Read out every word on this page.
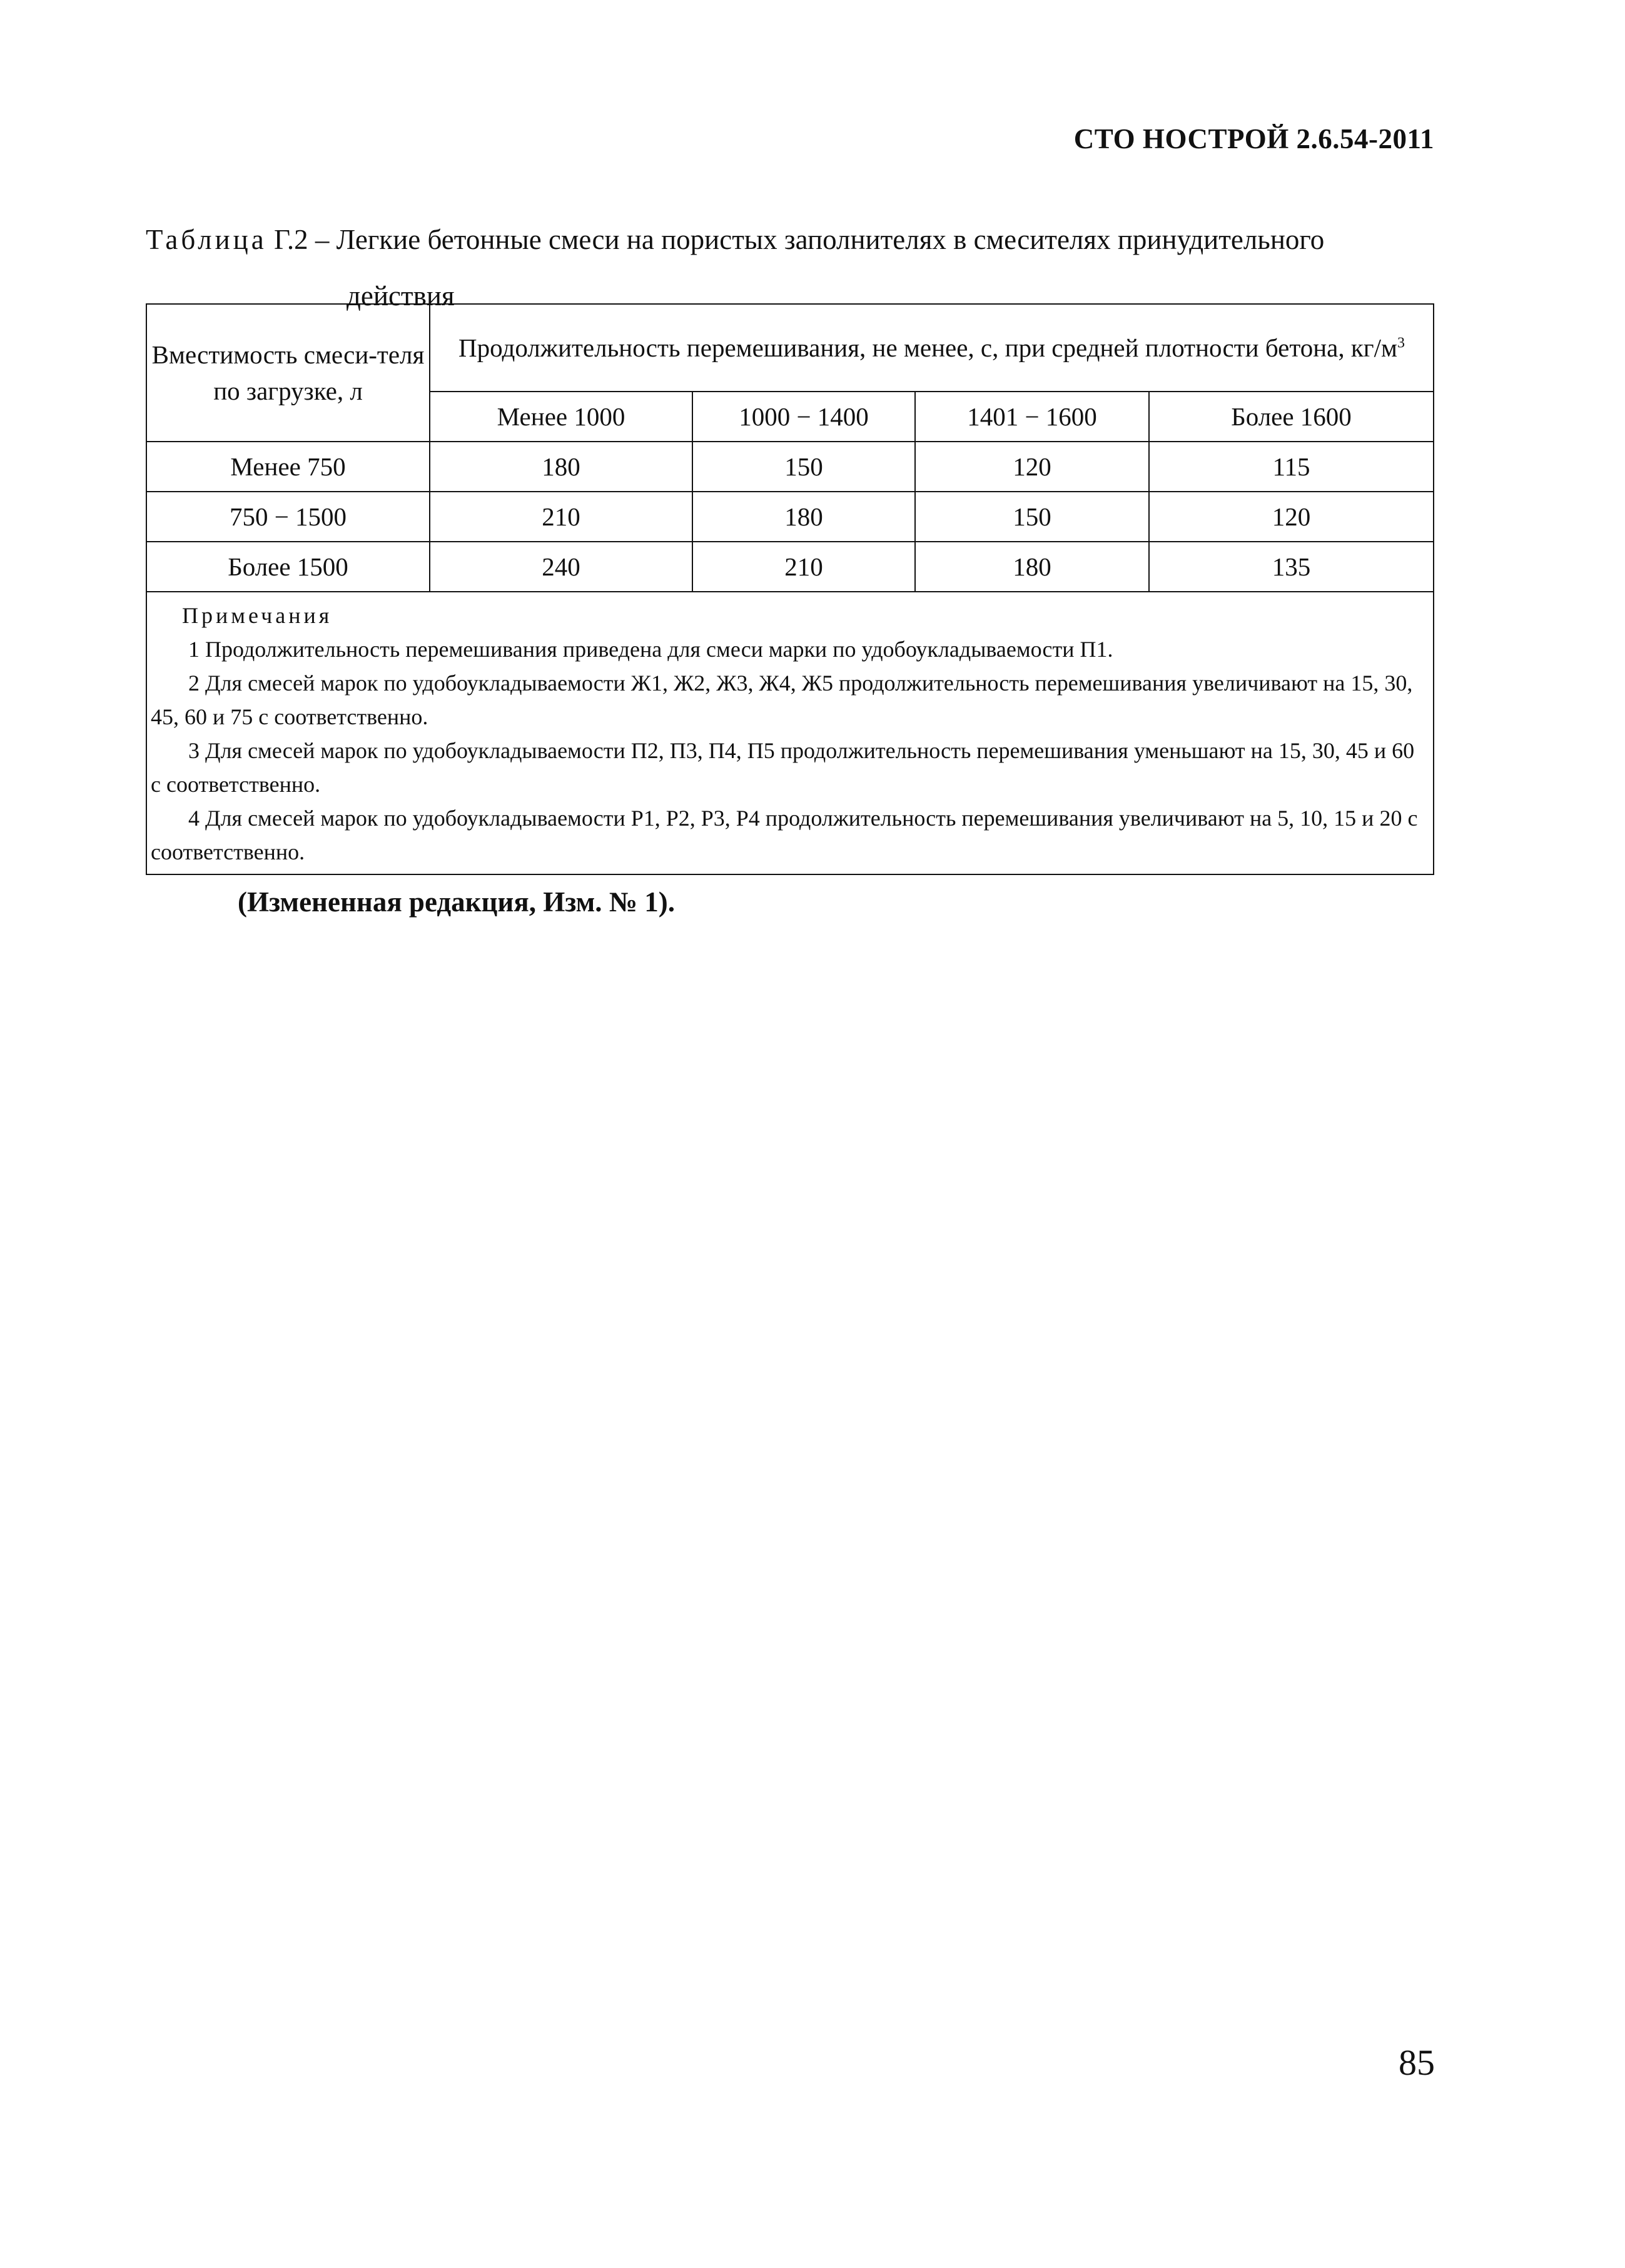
СТО НОСТРОЙ 2.6.54-2011
Таблица Г.2 – Легкие бетонные смеси на пористых заполнителях в смесителях принудительного
действия
Вместимость смеси-теля по загрузке, л	Продолжительность перемешивания, не менее, с, при средней плотности бетона, $кг/м^3$
	Менее 1000	1000 − 1400	1401 − 1600	Более 1600
Менее 750	180	150	120	115
750 − 1500	210	180	150	120
Более 1500	240	210	180	135

Примечания
1 Продолжительность перемешивания приведена для смеси марки по удобоукладываемости П1.
2 Для смесей марок по удобоукладываемости Ж1, Ж2, Ж3, Ж4, Ж5 продолжительность перемешивания увеличивают на 15, 30, 45, 60 и 75 с соответственно.
3 Для смесей марок по удобоукладываемости П2, П3, П4, П5 продолжительность перемешивания уменьшают на 15, 30, 45 и 60 с соответственно.
4 Для смесей марок по удобоукладываемости Р1, Р2, Р3, Р4 продолжительность перемешивания увеличивают на 5, 10, 15 и 20 с соответственно.				
(Измененная редакция, Изм. № 1).
85
